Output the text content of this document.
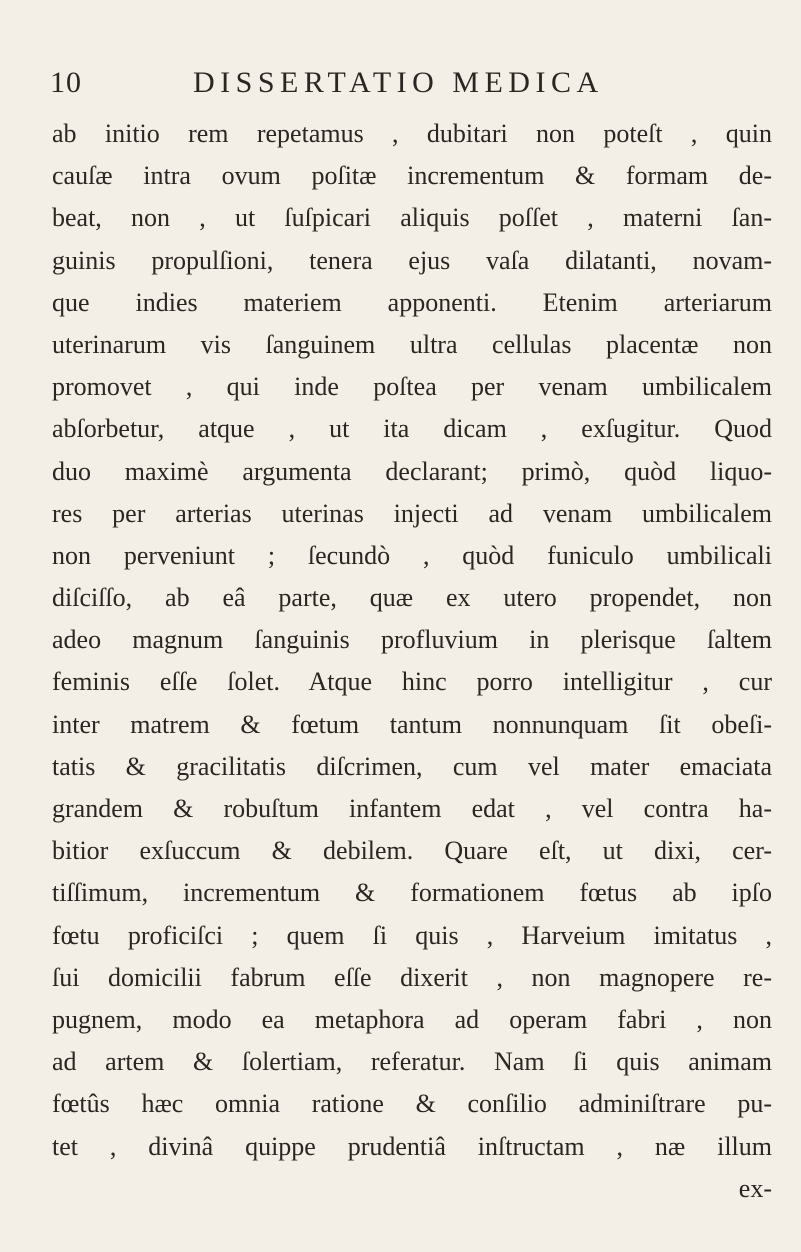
10	DISSERTATIO MEDICA
ab initio rem repetamus , dubitari non poteſt , quin
cauſæ intra ovum poſitæ incrementum & formam de-
beat, non , ut ſuſpicari aliquis poſſet , materni ſan-
guinis propulſioni, tenera ejus vaſa dilatanti, novam-
que indies materiem apponenti. Etenim arteriarum
uterinarum vis ſanguinem ultra cellulas placentæ non
promovet , qui inde poſtea per venam umbilicalem
abſorbetur, atque , ut ita dicam , exſugitur. Quod
duo maximè argumenta declarant; primò, quòd liquo-
res per arterias uterinas injecti ad venam umbilicalem
non perveniunt ; ſecundò , quòd funiculo umbilicali
diſciſſo, ab eâ parte, quæ ex utero propendet, non
adeo magnum ſanguinis profluvium in plerisque ſaltem
feminis eſſe ſolet. Atque hinc porro intelligitur , cur
inter matrem & fœtum tantum nonnunquam ſit obeſi-
tatis & gracilitatis diſcrimen, cum vel mater emaciata
grandem & robuſtum infantem edat , vel contra ha-
bitior exſuccum & debilem. Quare eſt, ut dixi, cer-
tiſſimum, incrementum & formationem fœtus ab ipſo
fœtu proficiſci ; quem ſi quis , Harveium imitatus ,
ſui domicilii fabrum eſſe dixerit , non magnopere re-
pugnem, modo ea metaphora ad operam fabri , non
ad artem & ſolertiam, referatur. Nam ſi quis animam
fœtûs hæc omnia ratione & conſilio adminiſtrare pu-
tet , divinâ quippe prudentiâ inſtructam , næ illum
ex-
